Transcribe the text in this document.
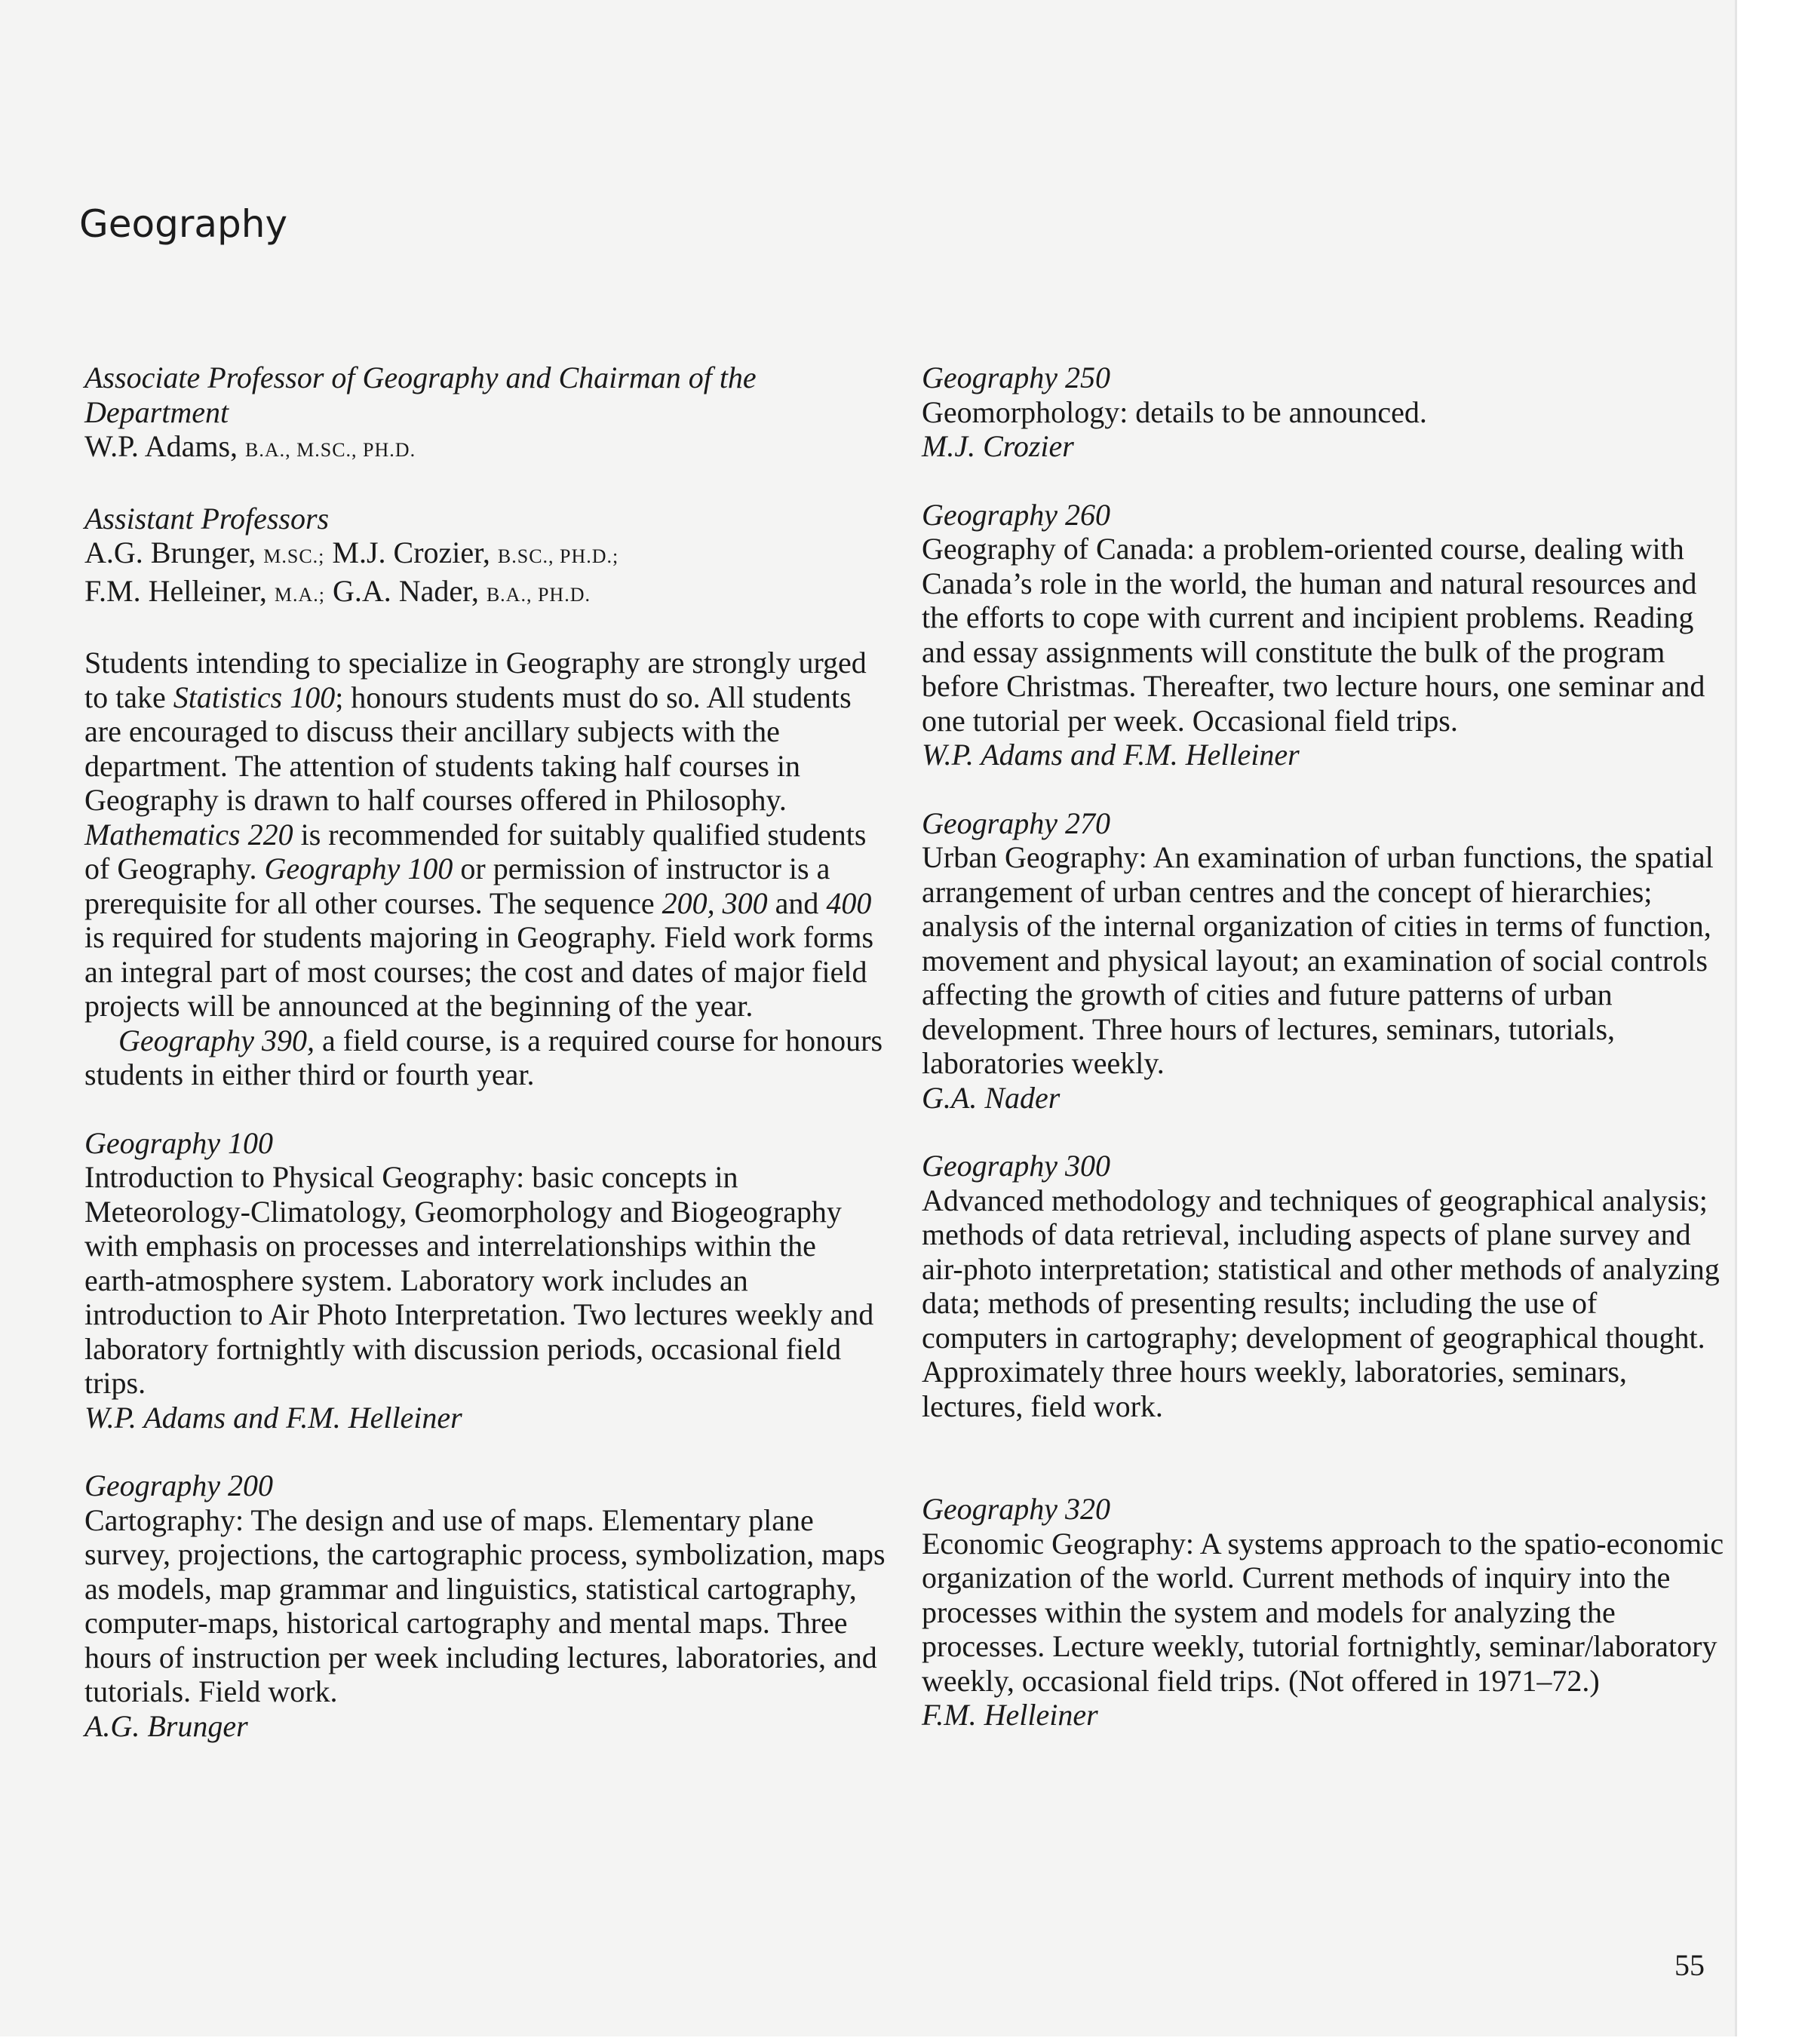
Geography

Associate Professor of Geography and Chairman of the Department

W.P. Adams, B.A., M.SC., PH.D.

Assistant Professors

A.G. Brunger, M.SC.; M.J. Crozier, B.SC., PH.D.;

F.M. Helleiner, M.A.; G.A. Nader, B.A., PH.D.

Students intending to specialize in Geography are strongly urged to take Statistics 100; honours students must do so. All students are encouraged to discuss their ancillary subjects with the department. The attention of students taking half courses in Geography is drawn to half courses offered in Philosophy. Mathematics 220 is recommended for suitably qualified students of Geography. Geography 100 or permission of instructor is a prerequisite for all other courses. The sequence 200, 300 and 400 is required for students majoring in Geography. Field work forms an integral part of most courses; the cost and dates of major field projects will be announced at the beginning of the year.

Geography 390, a field course, is a required course for honours students in either third or fourth year.

Geography 100

Introduction to Physical Geography: basic concepts in Meteorology-Climatology, Geomorphology and Biogeography with emphasis on processes and interrelationships within the earth-atmosphere system. Laboratory work includes an introduction to Air Photo Interpretation. Two lectures weekly and laboratory fortnightly with discussion periods, occasional field trips.

W.P. Adams and F.M. Helleiner

Geography 200

Cartography: The design and use of maps. Elementary plane survey, projections, the cartographic process, symbolization, maps as models, map grammar and linguistics, statistical cartography, computer-maps, historical cartography and mental maps. Three hours of instruction per week including lectures, laboratories, and tutorials. Field work.

A.G. Brunger

Geography 250

Geomorphology: details to be announced.

M.J. Crozier

Geography 260

Geography of Canada: a problem-oriented course, dealing with Canada’s role in the world, the human and natural resources and the efforts to cope with current and incipient problems. Reading and essay assignments will constitute the bulk of the program before Christmas. Thereafter, two lecture hours, one seminar and one tutorial per week. Occasional field trips.

W.P. Adams and F.M. Helleiner

Geography 270

Urban Geography: An examination of urban functions, the spatial arrangement of urban centres and the concept of hierarchies; analysis of the internal organization of cities in terms of function, movement and physical layout; an examination of social controls affecting the growth of cities and future patterns of urban development. Three hours of lectures, seminars, tutorials, laboratories weekly.

G.A. Nader

Geography 300

Advanced methodology and techniques of geographical analysis; methods of data retrieval, including aspects of plane survey and air-photo interpretation; statistical and other methods of analyzing data; methods of presenting results; including the use of computers in cartography; development of geographical thought. Approximately three hours weekly, laboratories, seminars, lectures, field work.

Geography 320

Economic Geography: A systems approach to the spatio-economic organization of the world. Current methods of inquiry into the processes within the system and models for analyzing the processes. Lecture weekly, tutorial fortnightly, seminar/laboratory weekly, occasional field trips. (Not offered in 1971–72.)

F.M. Helleiner

55
